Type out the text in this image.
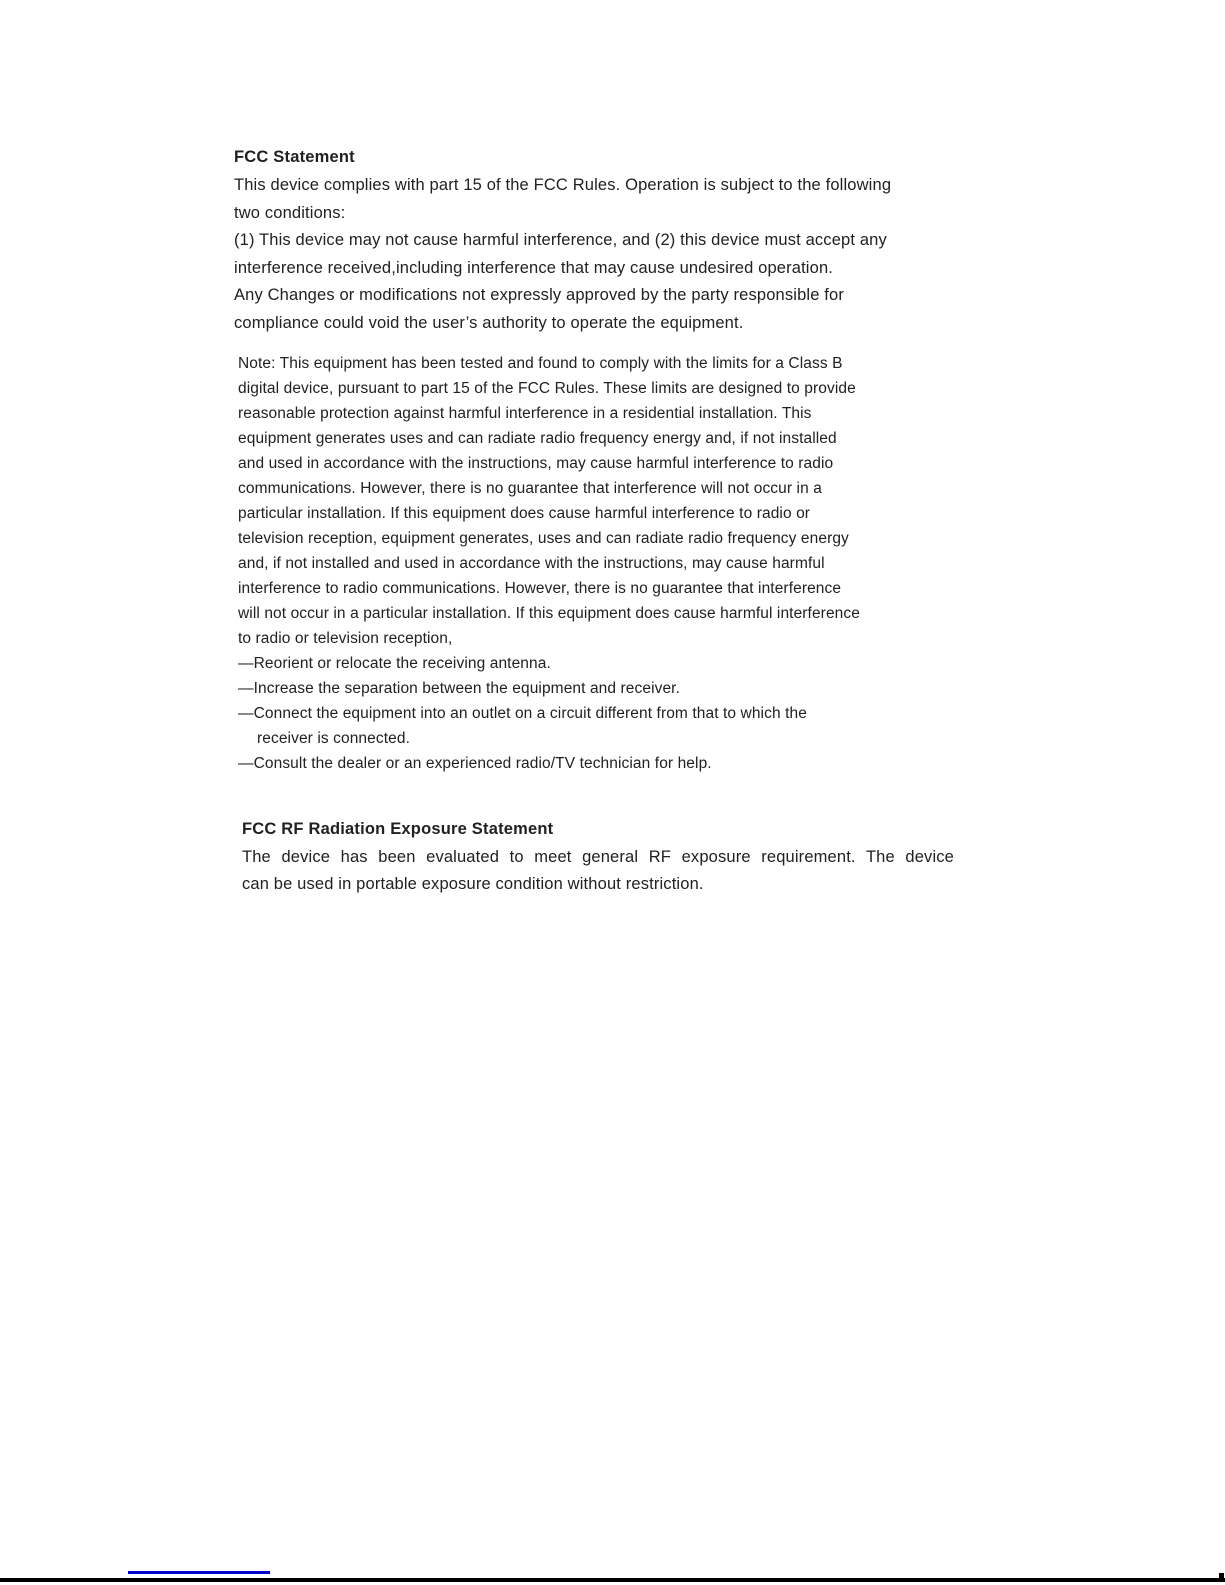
FCC Statement
This device complies with part 15 of the FCC Rules. Operation is subject to the following
two conditions:
(1) This device may not cause harmful interference, and (2) this device must accept any
interference received,including interference that may cause undesired operation.
Any Changes or modifications not expressly approved by the party responsible for
compliance could void the user’s authority to operate the equipment.
Note: This equipment has been tested and found to comply with the limits for a Class B
digital device, pursuant to part 15 of the FCC Rules. These limits are designed to provide
reasonable protection against harmful interference in a residential installation. This
equipment generates uses and can radiate radio frequency energy and, if not installed
and used in accordance with the instructions, may cause harmful interference to radio
communications. However, there is no guarantee that interference will not occur in a
particular installation. If this equipment does cause harmful interference to radio or
television reception, equipment generates, uses and can radiate radio frequency energy
and, if not installed and used in accordance with the instructions, may cause harmful
interference to radio communications. However, there is no guarantee that interference
will not occur in a particular installation. If this equipment does cause harmful interference
to radio or television reception,
—Reorient or relocate the receiving antenna.
—Increase the separation between the equipment and receiver.
—Connect the equipment into an outlet on a circuit different from that to which the
receiver is connected.
—Consult the dealer or an experienced radio/TV technician for help.
FCC RF Radiation Exposure Statement
The device has been evaluated to meet general RF exposure requirement. The device
can be used in portable exposure condition without restriction.
